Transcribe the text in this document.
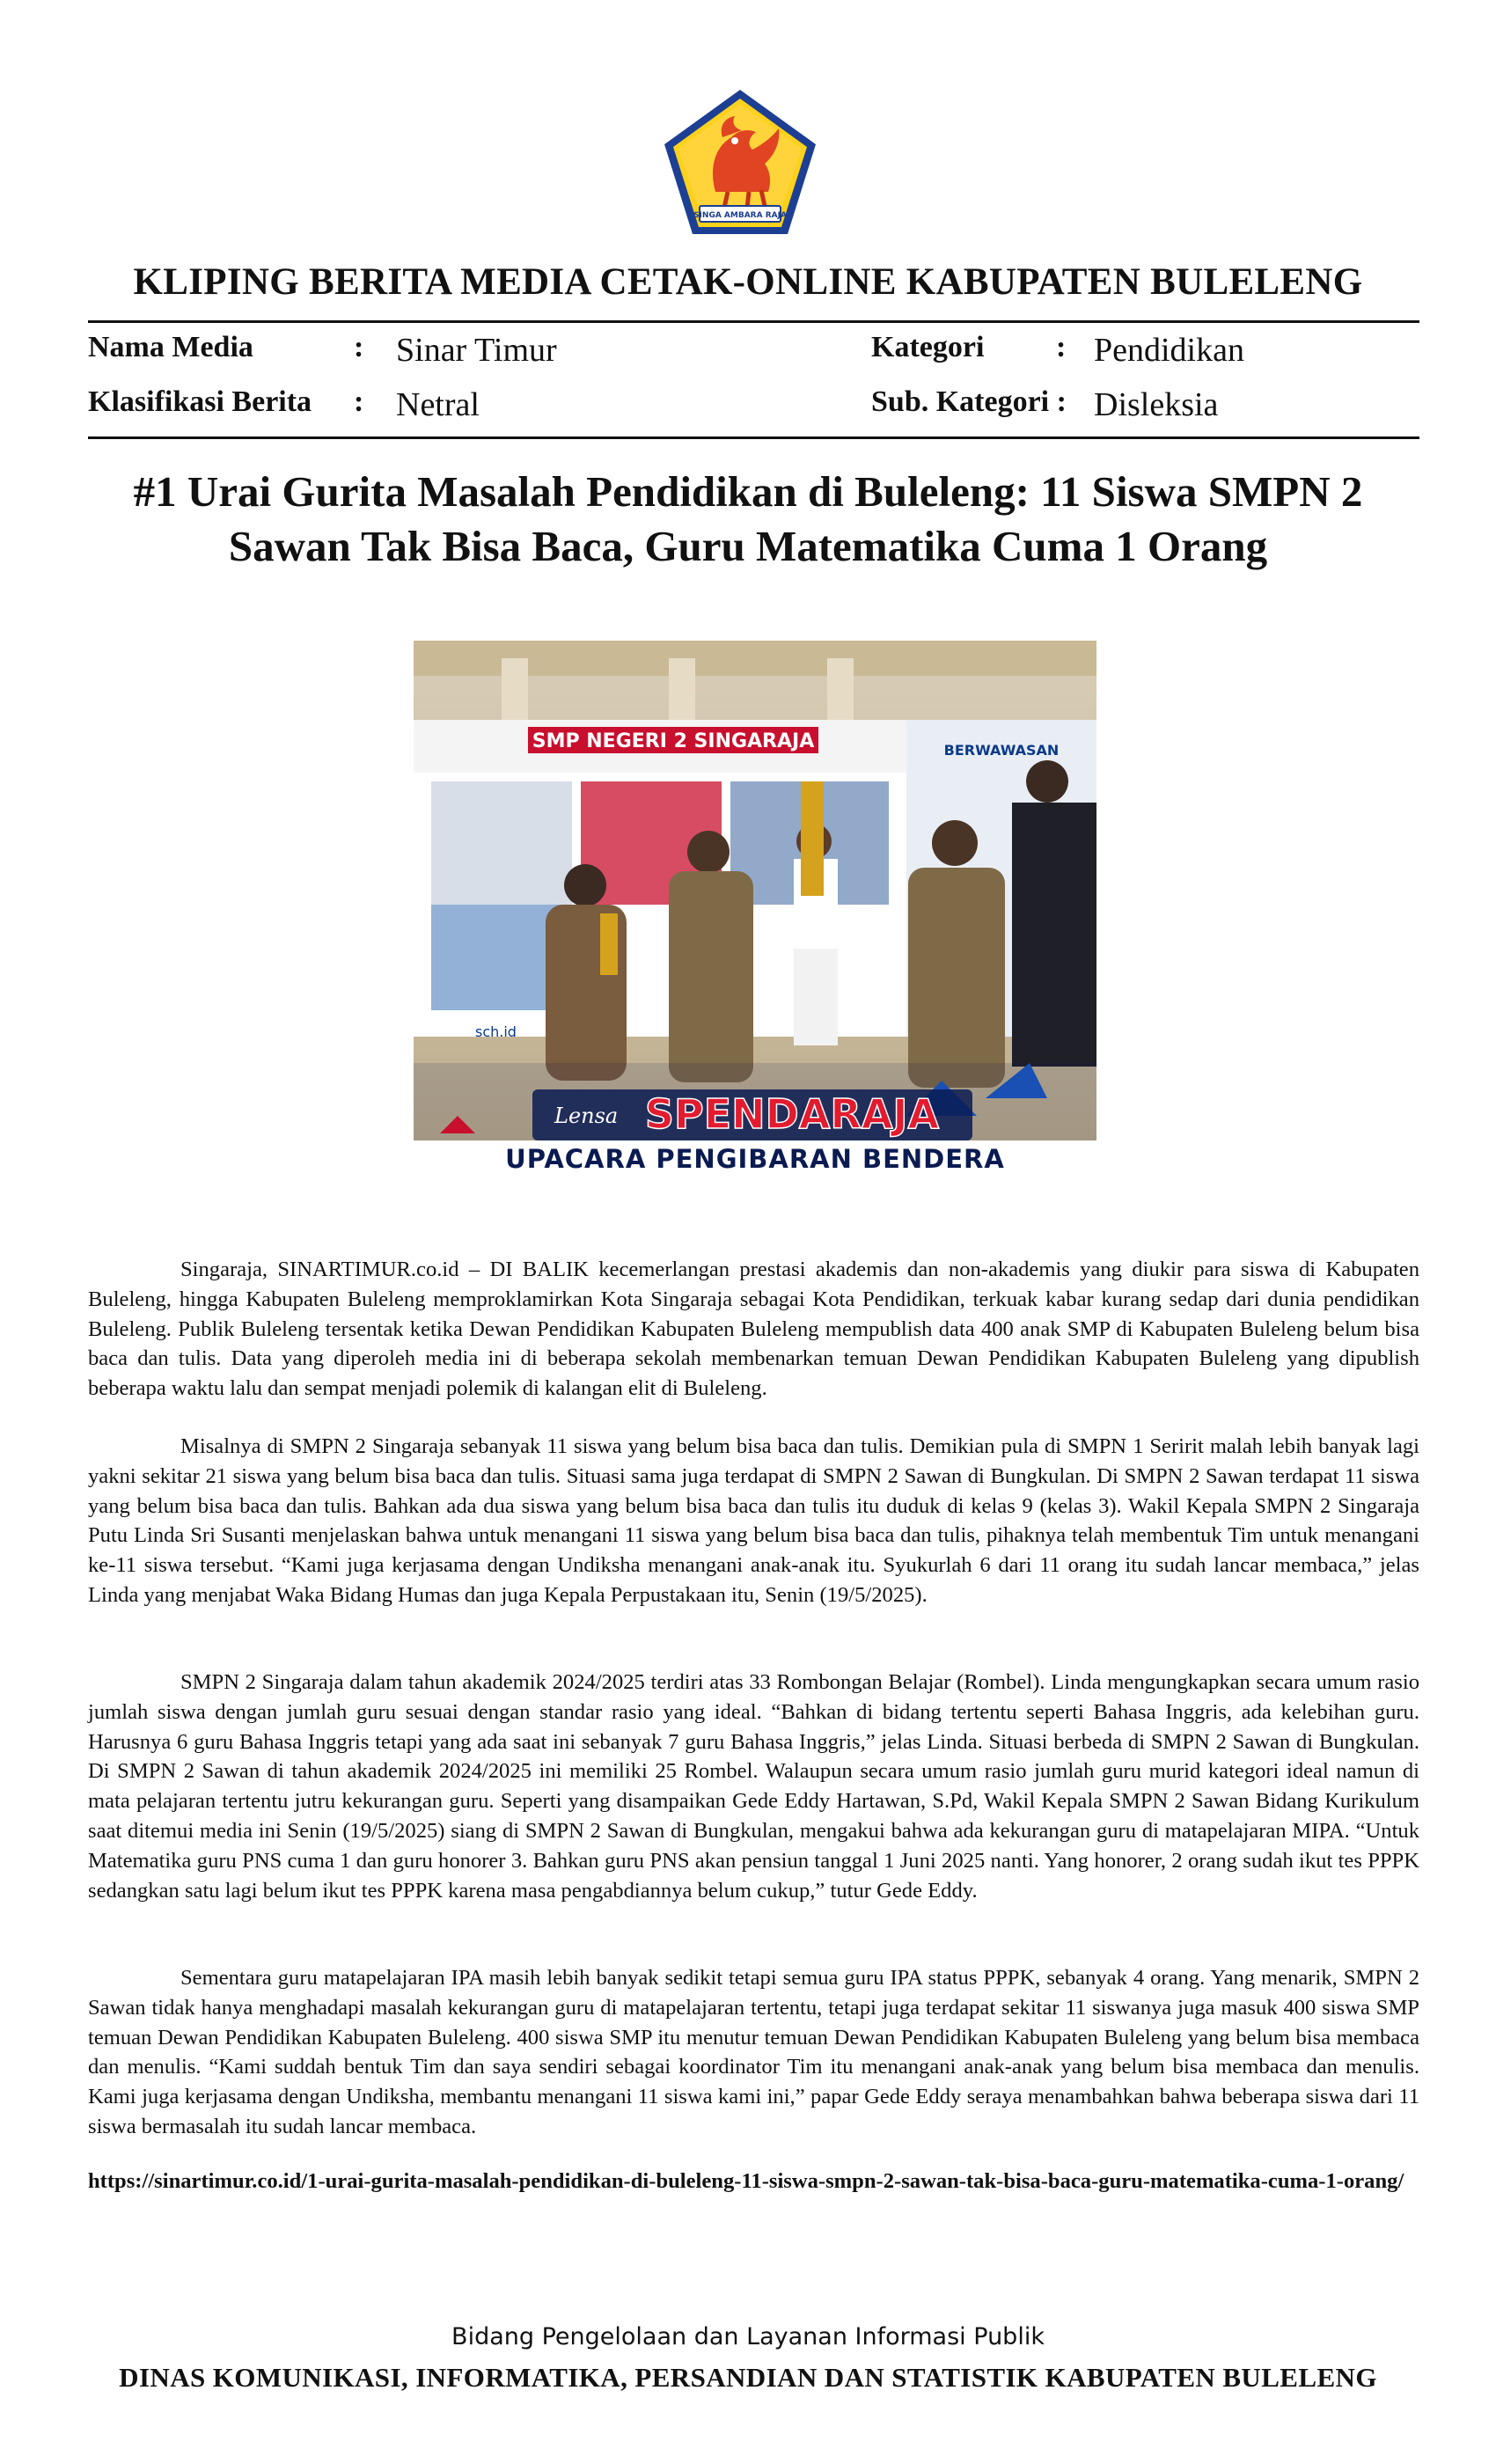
SINGA AMBARA RAJA
KLIPING BERITA MEDIA CETAK-ONLINE KABUPATEN BULELENG
Nama Media	: Sinar Timur	Kategori : Pendidikan
Klasifikasi Berita : Netral	Sub. Kategori : Disleksia
#1 Urai Gurita Masalah Pendidikan di Buleleng: 11 Siswa SMPN 2
Sawan Tak Bisa Baca, Guru Matematika Cuma 1 Orang
SMP NEGERI 2 SINGARAJA	BERWAWASAN
sch.id
Lensa SPENDARAJA
UPACARA PENGIBARAN BENDERA

Singaraja, SINARTIMUR.co.id – DI BALIK kecemerlangan prestasi akademis dan non-akademis yang diukir para siswa di Kabupaten Buleleng, hingga Kabupaten Buleleng memproklamirkan Kota Singaraja sebagai Kota Pendidikan, terkuak kabar kurang sedap dari dunia pendidikan Buleleng. Publik Buleleng tersentak ketika Dewan Pendidikan Kabupaten Buleleng mempublish data 400 anak SMP di Kabupaten Buleleng belum bisa baca dan tulis. Data yang diperoleh media ini di beberapa sekolah membenarkan temuan Dewan Pendidikan Kabupaten Buleleng yang dipublish beberapa waktu lalu dan sempat menjadi polemik di kalangan elit di Buleleng.

Misalnya di SMPN 2 Singaraja sebanyak 11 siswa yang belum bisa baca dan tulis. Demikian pula di SMPN 1 Seririt malah lebih banyak lagi yakni sekitar 21 siswa yang belum bisa baca dan tulis. Situasi sama juga terdapat di SMPN 2 Sawan di Bungkulan. Di SMPN 2 Sawan terdapat 11 siswa yang belum bisa baca dan tulis. Bahkan ada dua siswa yang belum bisa baca dan tulis itu duduk di kelas 9 (kelas 3). Wakil Kepala SMPN 2 Singaraja Putu Linda Sri Susanti menjelaskan bahwa untuk menangani 11 siswa yang belum bisa baca dan tulis, pihaknya telah membentuk Tim untuk menangani ke-11 siswa tersebut. “Kami juga kerjasama dengan Undiksha menangani anak-anak itu. Syukurlah 6 dari 11 orang itu sudah lancar membaca,” jelas Linda yang menjabat Waka Bidang Humas dan juga Kepala Perpustakaan itu, Senin (19/5/2025).

SMPN 2 Singaraja dalam tahun akademik 2024/2025 terdiri atas 33 Rombongan Belajar (Rombel). Linda mengungkapkan secara umum rasio jumlah siswa dengan jumlah guru sesuai dengan standar rasio yang ideal. “Bahkan di bidang tertentu seperti Bahasa Inggris, ada kelebihan guru. Harusnya 6 guru Bahasa Inggris tetapi yang ada saat ini sebanyak 7 guru Bahasa Inggris,” jelas Linda. Situasi berbeda di SMPN 2 Sawan di Bungkulan. Di SMPN 2 Sawan di tahun akademik 2024/2025 ini memiliki 25 Rombel. Walaupun secara umum rasio jumlah guru murid kategori ideal namun di mata pelajaran tertentu jutru kekurangan guru. Seperti yang disampaikan Gede Eddy Hartawan, S.Pd, Wakil Kepala SMPN 2 Sawan Bidang Kurikulum saat ditemui media ini Senin (19/5/2025) siang di SMPN 2 Sawan di Bungkulan, mengakui bahwa ada kekurangan guru di matapelajaran MIPA. “Untuk Matematika guru PNS cuma 1 dan guru honorer 3. Bahkan guru PNS akan pensiun tanggal 1 Juni 2025 nanti. Yang honorer, 2 orang sudah ikut tes PPPK sedangkan satu lagi belum ikut tes PPPK karena masa pengabdiannya belum cukup,” tutur Gede Eddy.

Sementara guru matapelajaran IPA masih lebih banyak sedikit tetapi semua guru IPA status PPPK, sebanyak 4 orang. Yang menarik, SMPN 2 Sawan tidak hanya menghadapi masalah kekurangan guru di matapelajaran tertentu, tetapi juga terdapat sekitar 11 siswanya juga masuk 400 siswa SMP temuan Dewan Pendidikan Kabupaten Buleleng. 400 siswa SMP itu menutur temuan Dewan Pendidikan Kabupaten Buleleng yang belum bisa membaca dan menulis. “Kami suddah bentuk Tim dan saya sendiri sebagai koordinator Tim itu menangani anak-anak yang belum bisa membaca dan menulis. Kami juga kerjasama dengan Undiksha, membantu menangani 11 siswa kami ini,” papar Gede Eddy seraya menambahkan bahwa beberapa siswa dari 11 siswa bermasalah itu sudah lancar membaca.

https://sinartimur.co.id/1-urai-gurita-masalah-pendidikan-di-buleleng-11-siswa-smpn-2-sawan-tak-bisa-baca-guru-matematika-cuma-1-orang/
Bidang Pengelolaan dan Layanan Informasi Publik
DINAS KOMUNIKASI, INFORMATIKA, PERSANDIAN DAN STATISTIK KABUPATEN BULELENG
